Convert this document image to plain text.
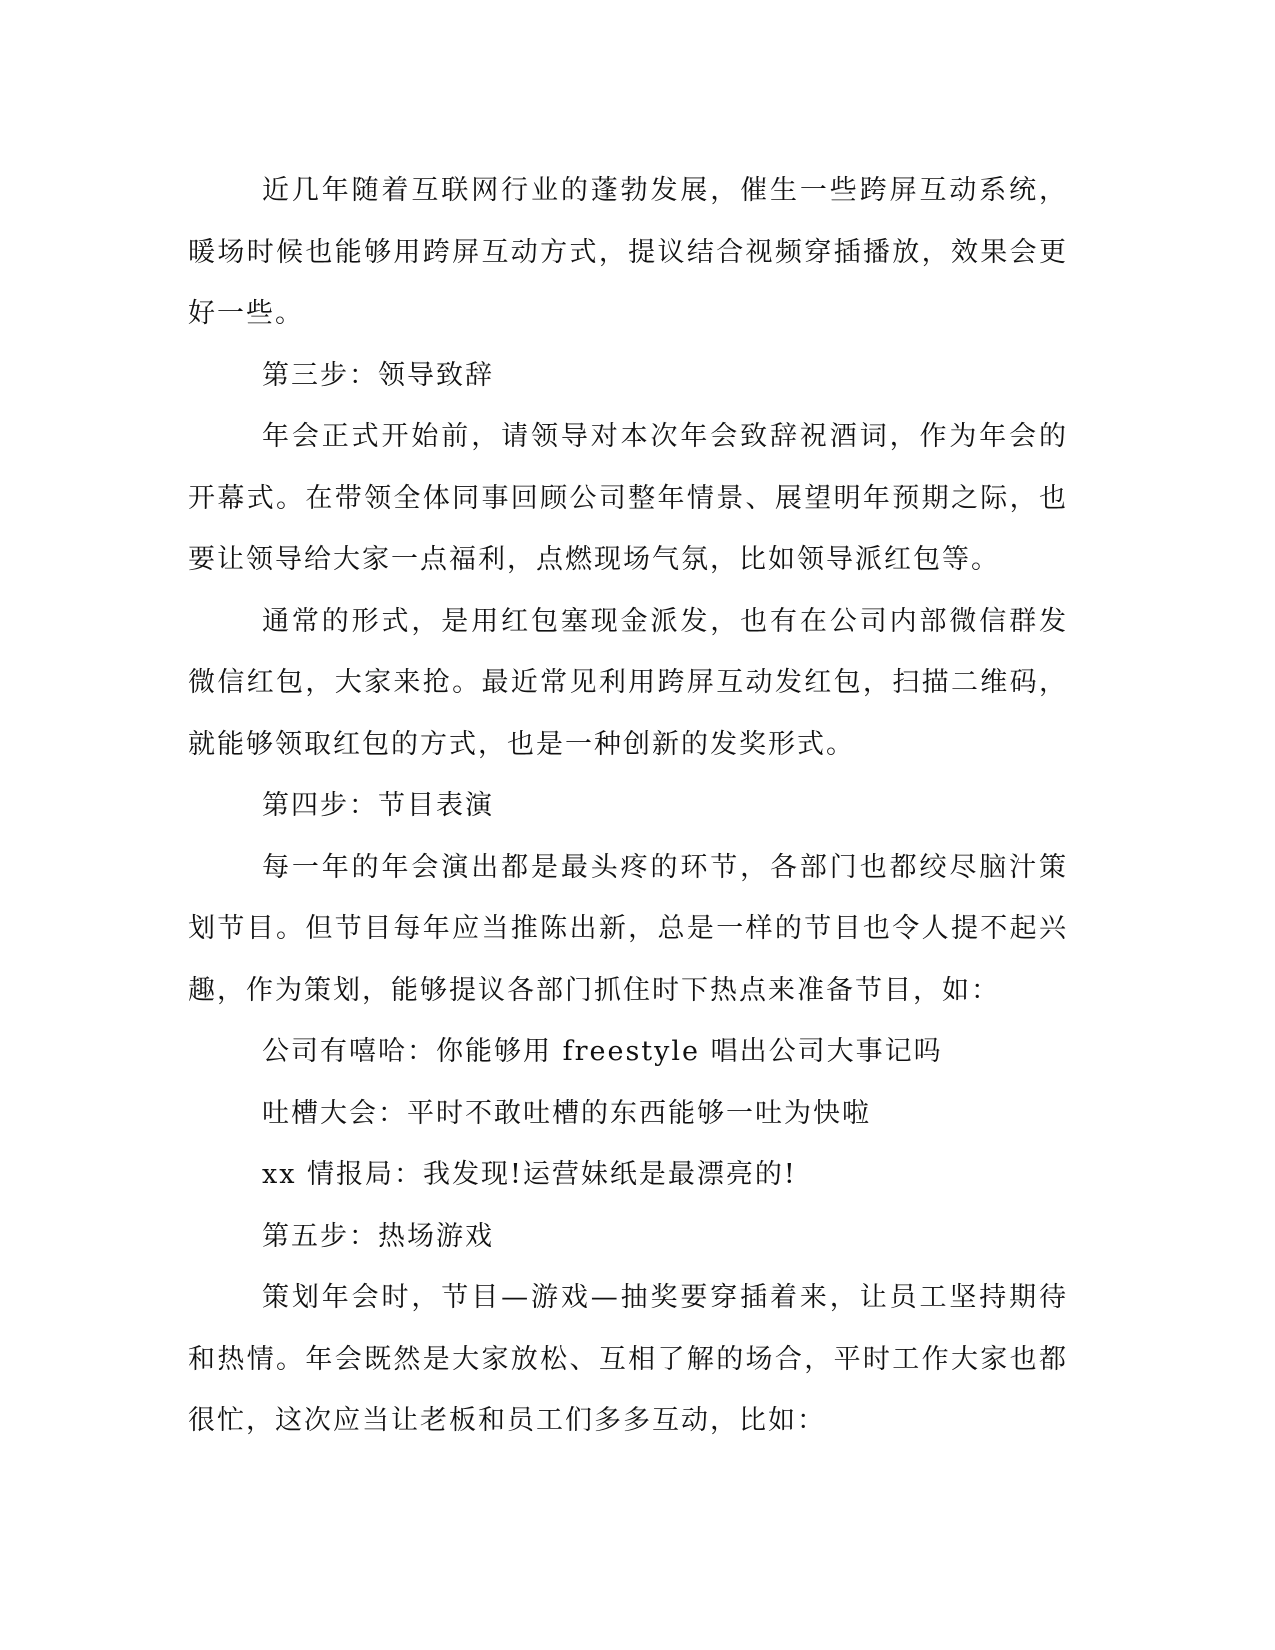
近几年随着互联网行业的蓬勃发展，催生一些跨屏互动系统，暖场时候也能够用跨屏互动方式，提议结合视频穿插播放，效果会更好一些。

第三步：领导致辞

年会正式开始前，请领导对本次年会致辞祝酒词，作为年会的开幕式。在带领全体同事回顾公司整年情景、展望明年预期之际，也要让领导给大家一点福利，点燃现场气氛，比如领导派红包等。

通常的形式，是用红包塞现金派发，也有在公司内部微信群发微信红包，大家来抢。最近常见利用跨屏互动发红包，扫描二维码，就能够领取红包的方式，也是一种创新的发奖形式。

第四步：节目表演

每一年的年会演出都是最头疼的环节，各部门也都绞尽脑汁策划节目。但节目每年应当推陈出新，总是一样的节目也令人提不起兴趣，作为策划，能够提议各部门抓住时下热点来准备节目，如：

公司有嘻哈：你能够用 freestyle 唱出公司大事记吗

吐槽大会：平时不敢吐槽的东西能够一吐为快啦

xx 情报局：我发现!运营妹纸是最漂亮的!

第五步：热场游戏

策划年会时，节目—游戏—抽奖要穿插着来，让员工坚持期待和热情。年会既然是大家放松、互相了解的场合，平时工作大家也都很忙，这次应当让老板和员工们多多互动，比如：
